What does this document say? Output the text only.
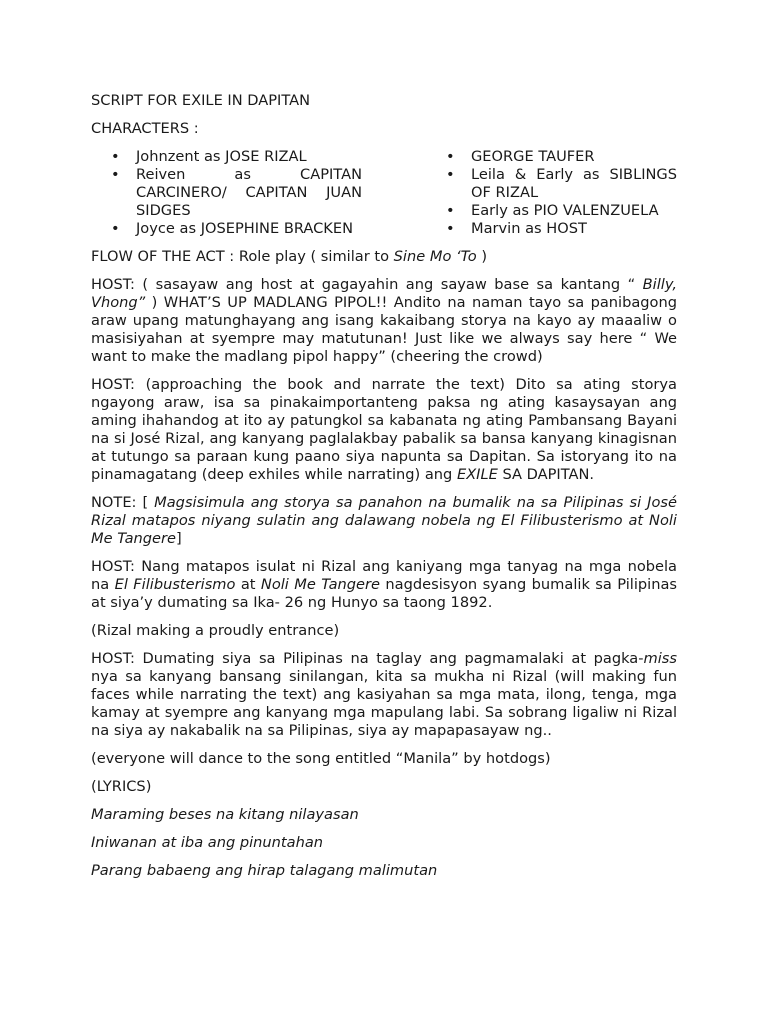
SCRIPT FOR EXILE IN DAPITAN

CHARACTERS :

• Johnzent as JOSE RIZAL
• Reiven as CAPITAN CARCINERO/ CAPITAN JUAN SIDGES
• Joyce as JOSEPHINE BRACKEN
• GEORGE TAUFER
• Leila & Early as SIBLINGS OF RIZAL
• Early as PIO VALENZUELA
• Marvin as HOST

FLOW OF THE ACT : Role play ( similar to Sine Mo ‘To )

HOST: ( sasayaw ang host at gagayahin ang sayaw base sa kantang “ Billy, Vhong” ) WHAT’S UP MADLANG PIPOL!! Andito na naman tayo sa panibagong araw upang matunghayang ang isang kakaibang storya na kayo ay maaaliw o masisiyahan at syempre may matutunan! Just like we always say here “ We want to make the madlang pipol happy” (cheering the crowd)

HOST: (approaching the book and narrate the text) Dito sa ating storya ngayong araw, isa sa pinakaimportanteng paksa ng ating kasaysayan ang aming ihahandog at ito ay patungkol sa kabanata ng ating Pambansang Bayani na si José Rizal, ang kanyang paglalakbay pabalik sa bansa kanyang kinagisnan at tutungo sa paraan kung paano siya napunta sa Dapitan. Sa istoryang ito na pinamagatang (deep exhiles while narrating) ang EXILE SA DAPITAN.

NOTE: [ Magsisimula ang storya sa panahon na bumalik na sa Pilipinas si José Rizal matapos niyang sulatin ang dalawang nobela ng El Filibusterismo at Noli Me Tangere]

HOST: Nang matapos isulat ni Rizal ang kaniyang mga tanyag na mga nobela na El Filibusterismo at Noli Me Tangere nagdesisyon syang bumalik sa Pilipinas at siya’y dumating sa Ika- 26 ng Hunyo sa taong 1892.

(Rizal making a proudly entrance)

HOST: Dumating siya sa Pilipinas na taglay ang pagmamalaki at pagka-miss nya sa kanyang bansang sinilangan, kita sa mukha ni Rizal (will making fun faces while narrating the text) ang kasiyahan sa mga mata, ilong, tenga, mga kamay at syempre ang kanyang mga mapulang labi. Sa sobrang ligaliw ni Rizal na siya ay nakabalik na sa Pilipinas, siya ay mapapasayaw ng..

(everyone will dance to the song entitled “Manila” by hotdogs)

(LYRICS)

Maraming beses na kitang nilayasan

Iniwanan at iba ang pinuntahan

Parang babaeng ang hirap talagang malimutan
